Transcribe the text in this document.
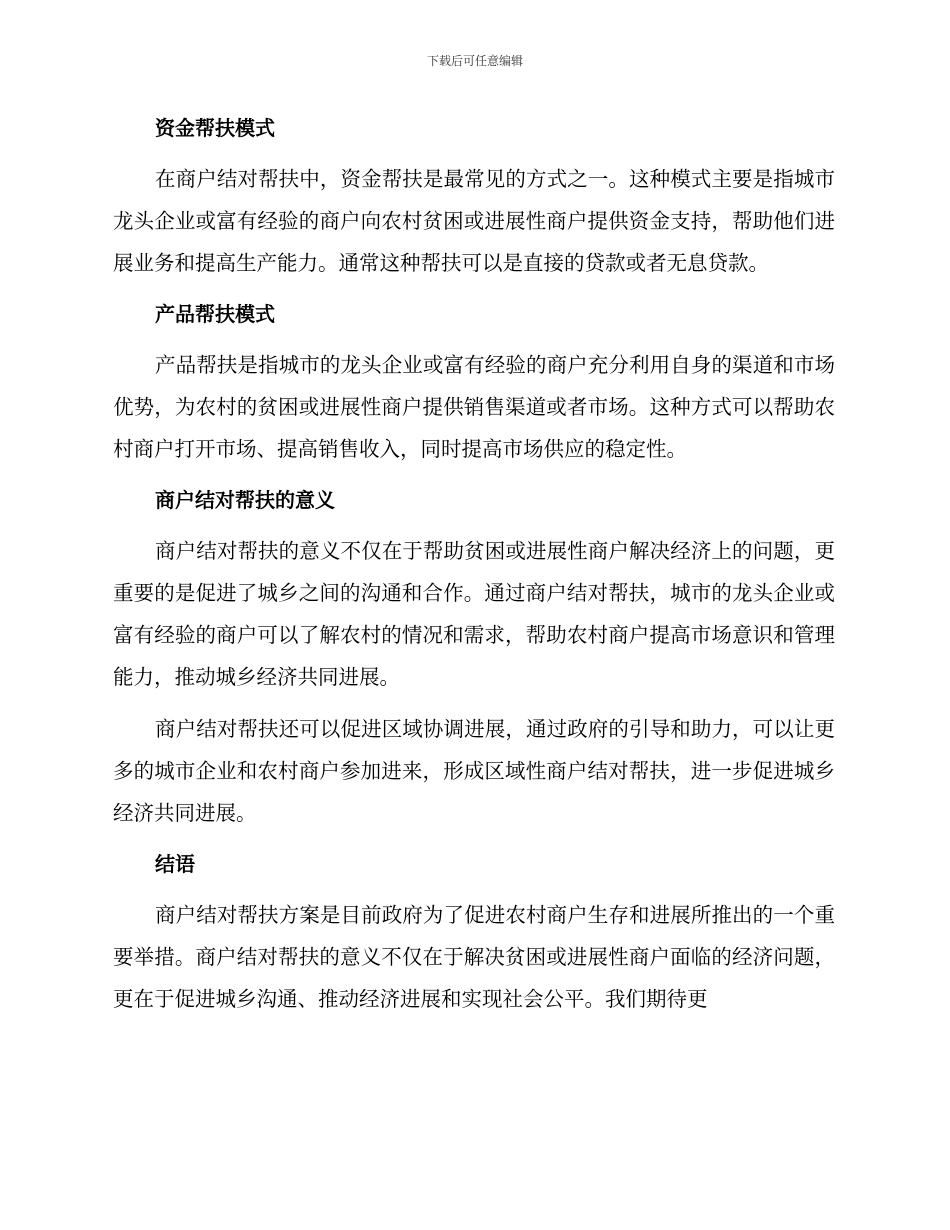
下载后可任意编辑
资金帮扶模式

在商户结对帮扶中，资金帮扶是最常见的方式之一。这种模式主要是指城市龙头企业或富有经验的商户向农村贫困或进展性商户提供资金支持，帮助他们进展业务和提高生产能力。通常这种帮扶可以是直接的贷款或者无息贷款。

产品帮扶模式

产品帮扶是指城市的龙头企业或富有经验的商户充分利用自身的渠道和市场优势，为农村的贫困或进展性商户提供销售渠道或者市场。这种方式可以帮助农村商户打开市场、提高销售收入，同时提高市场供应的稳定性。

商户结对帮扶的意义

商户结对帮扶的意义不仅在于帮助贫困或进展性商户解决经济上的问题，更重要的是促进了城乡之间的沟通和合作。通过商户结对帮扶，城市的龙头企业或富有经验的商户可以了解农村的情况和需求，帮助农村商户提高市场意识和管理能力，推动城乡经济共同进展。

商户结对帮扶还可以促进区域协调进展，通过政府的引导和助力，可以让更多的城市企业和农村商户参加进来，形成区域性商户结对帮扶，进一步促进城乡经济共同进展。

结语

商户结对帮扶方案是目前政府为了促进农村商户生存和进展所推出的一个重要举措。商户结对帮扶的意义不仅在于解决贫困或进展性商户面临的经济问题，更在于促进城乡沟通、推动经济进展和实现社会公平。我们期待更
